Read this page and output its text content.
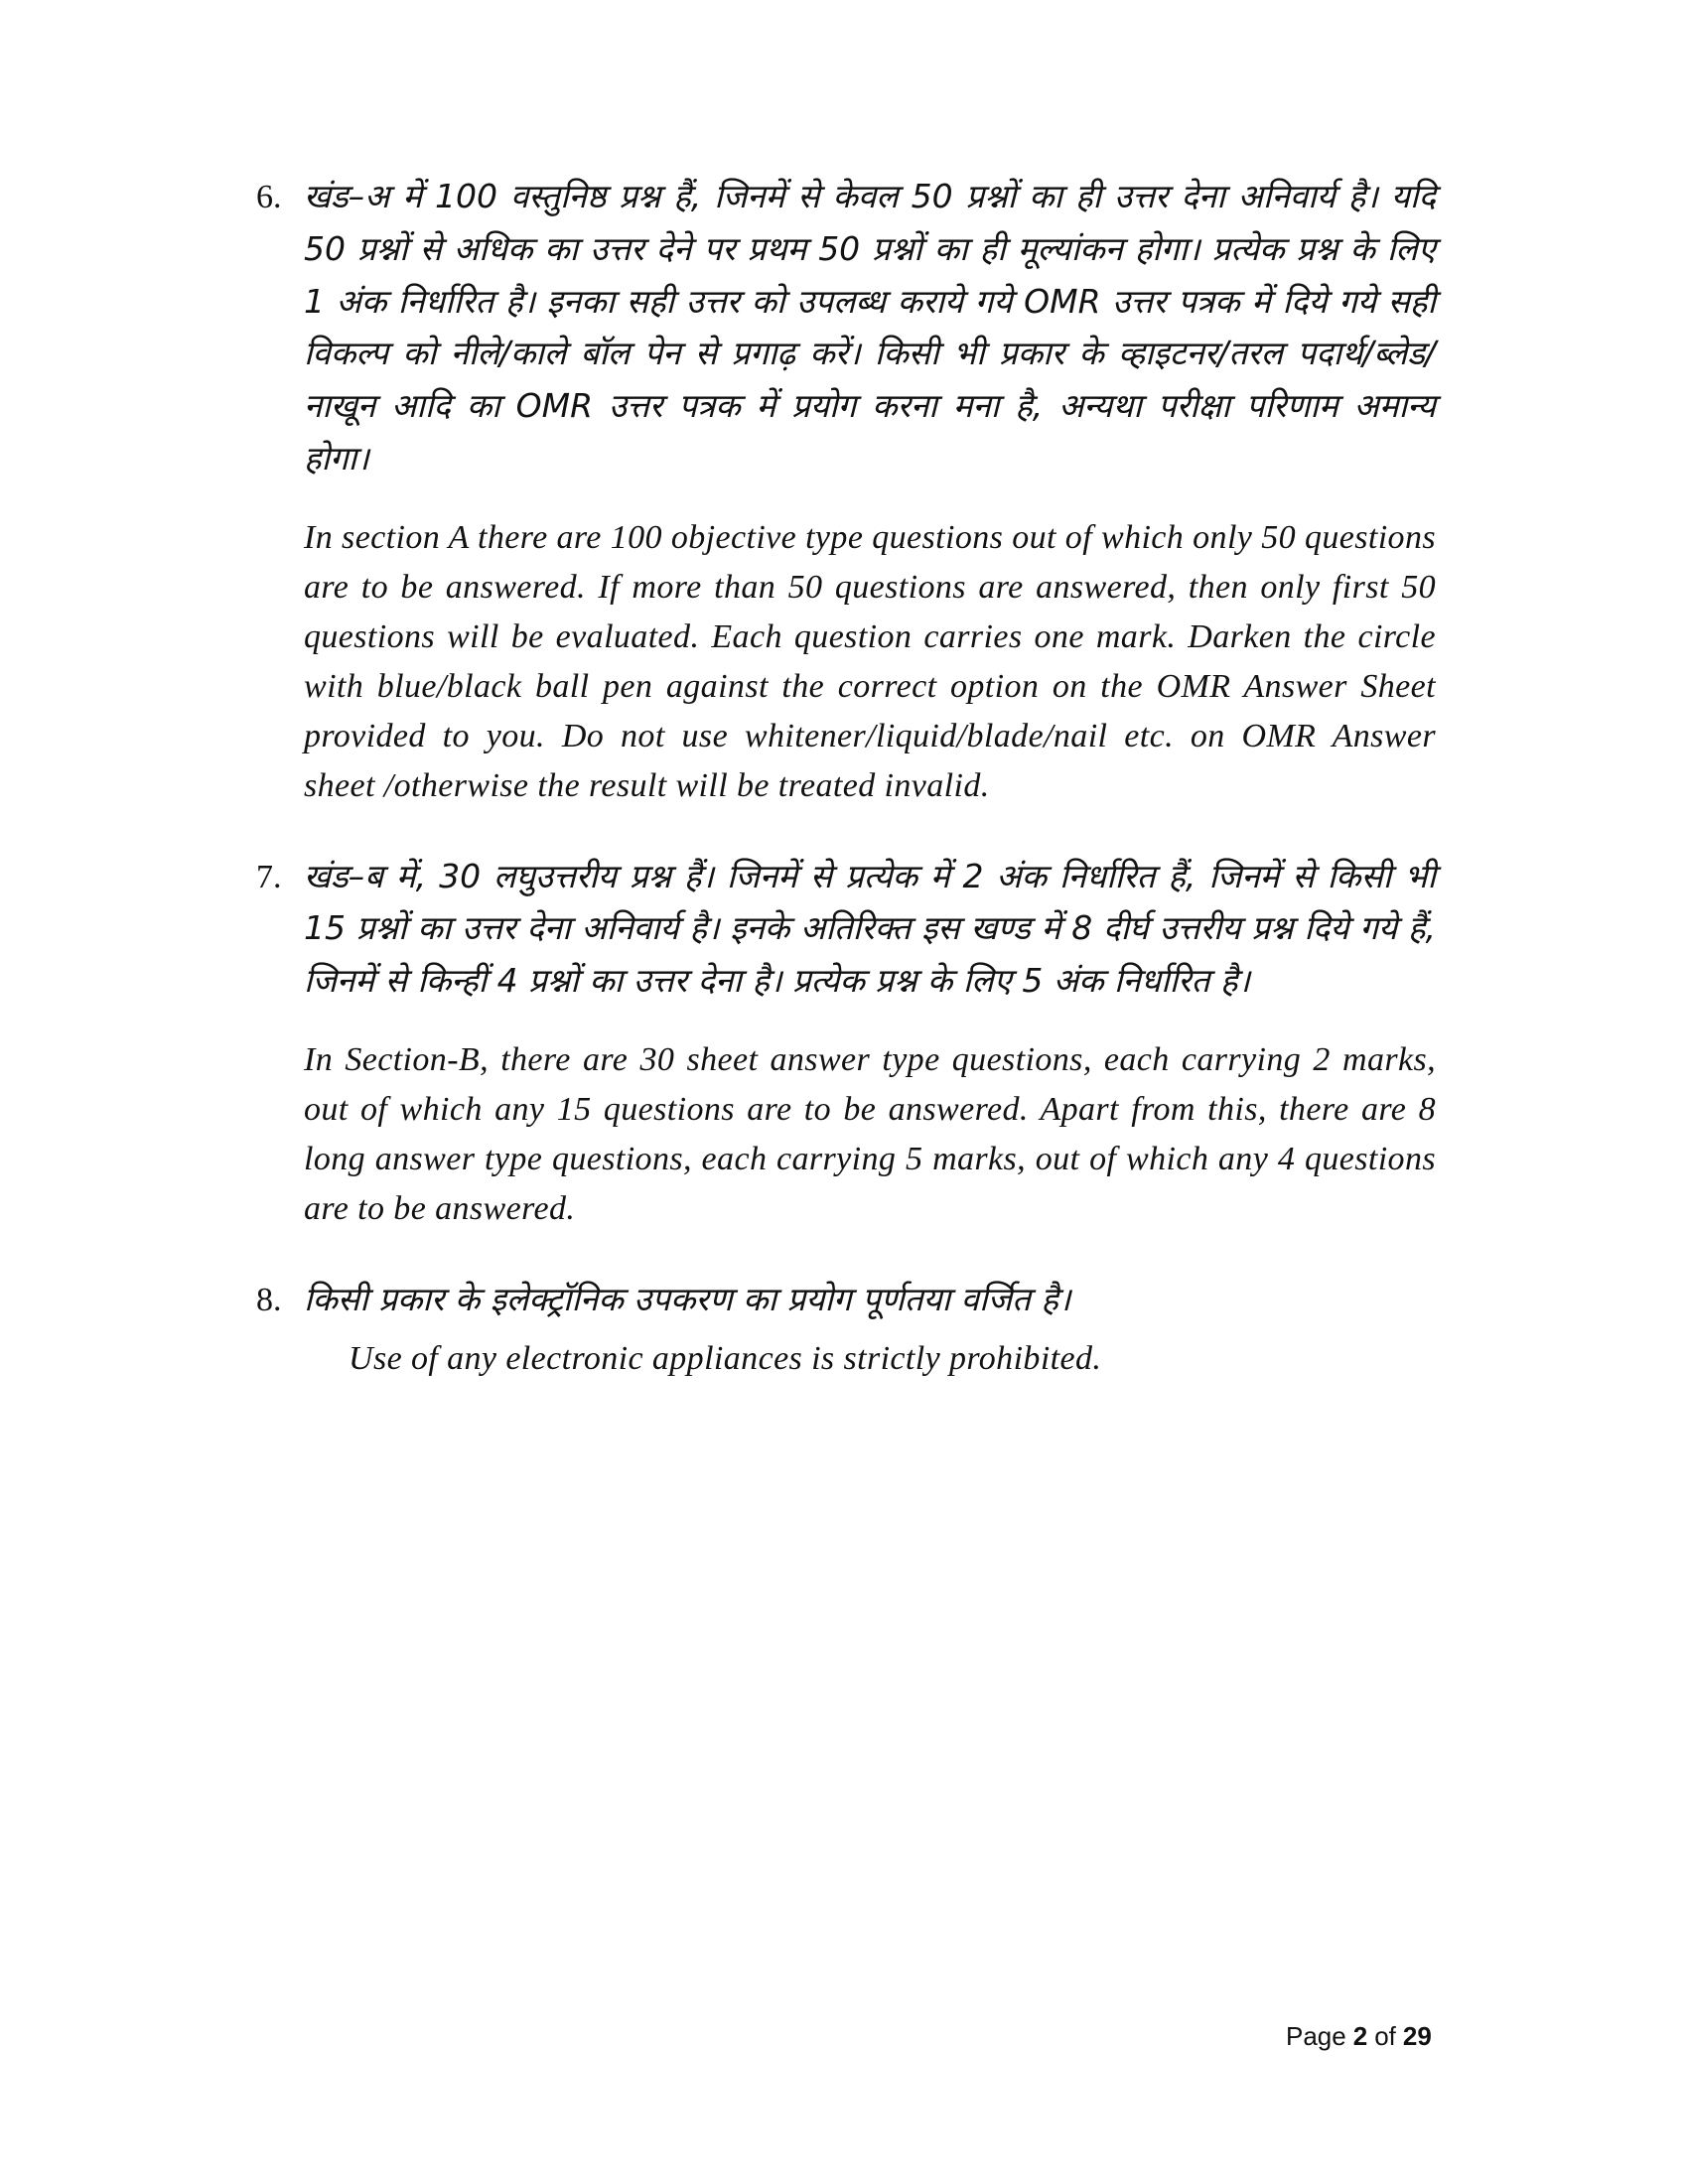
6. खंड–अ में 100 वस्तुनिष्ठ प्रश्न हैं, जिनमें से केवल 50 प्रश्नों का ही उत्तर देना अनिवार्य है। यदि 50 प्रश्नों से अधिक का उत्तर देने पर प्रथम 50 प्रश्नों का ही मूल्यांकन होगा। प्रत्येक प्रश्न के लिए 1 अंक निर्धारित है। इनका सही उत्तर को उपलब्ध कराये गये OMR उत्तर पत्रक में दिये गये सही विकल्प को नीले/काले बॉल पेन से प्रगाढ़ करें। किसी भी प्रकार के व्हाइटनर/तरल पदार्थ/ब्लेड/नाखून आदि का OMR उत्तर पत्रक में प्रयोग करना मना है, अन्यथा परीक्षा परिणाम अमान्य होगा।

In section A there are 100 objective type questions out of which only 50 questions are to be answered. If more than 50 questions are answered, then only first 50 questions will be evaluated. Each question carries one mark. Darken the circle with blue/black ball pen against the correct option on the OMR Answer Sheet provided to you. Do not use whitener/liquid/blade/nail etc. on OMR Answer sheet /otherwise the result will be treated invalid.

7. खंड–ब में, 30 लघुउत्तरीय प्रश्न हैं। जिनमें से प्रत्येक में 2 अंक निर्धारित हैं, जिनमें से किसी भी 15 प्रश्नों का उत्तर देना अनिवार्य है। इनके अतिरिक्त इस खण्ड में 8 दीर्घ उत्तरीय प्रश्न दिये गये हैं, जिनमें से किन्हीं 4 प्रश्नों का उत्तर देना है। प्रत्येक प्रश्न के लिए 5 अंक निर्धारित है।

In Section-B, there are 30 sheet answer type questions, each carrying 2 marks, out of which any 15 questions are to be answered. Apart from this, there are 8 long answer type questions, each carrying 5 marks, out of which any 4 questions are to be answered.

8. किसी प्रकार के इलेक्ट्रॉनिक उपकरण का प्रयोग पूर्णतया वर्जित है।

Use of any electronic appliances is strictly prohibited.

Page 2 of 29
